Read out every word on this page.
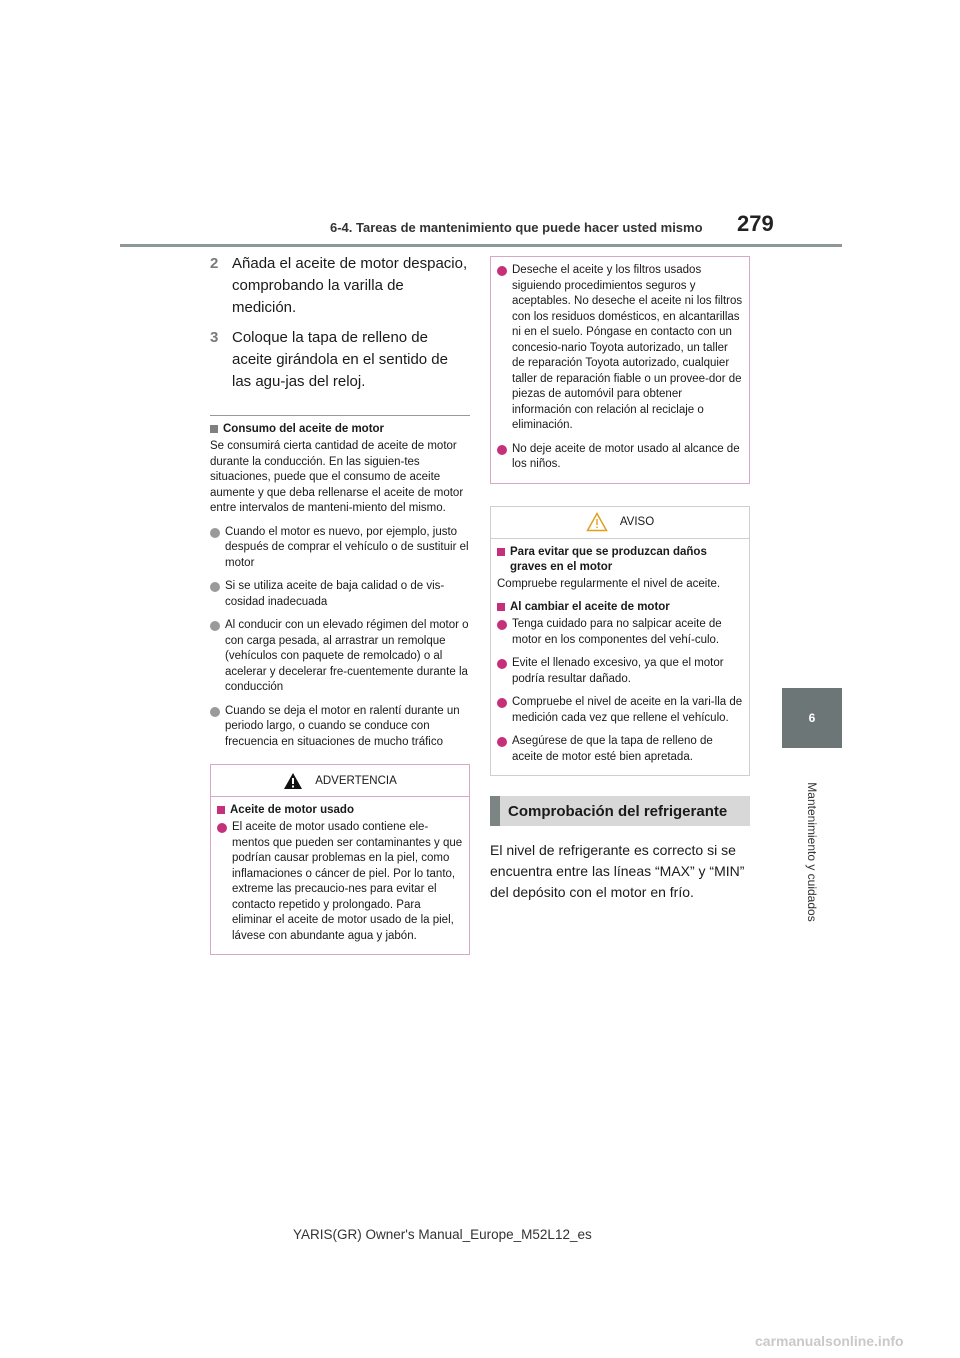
6-4. Tareas de mantenimiento que puede hacer usted mismo 279
6
Mantenimiento y cuidados
2 Añada el aceite de motor despacio, comprobando la varilla de medición.
3 Coloque la tapa de relleno de aceite girándola en el sentido de las agu-jas del reloj.
Consumo del aceite de motor

Se consumirá cierta cantidad de aceite de motor durante la conducción. En las siguien-tes situaciones, puede que el consumo de aceite aumente y que deba rellenarse el aceite de motor entre intervalos de manteni-miento del mismo.

Cuando el motor es nuevo, por ejemplo, justo después de comprar el vehículo o de sustituir el motor
Si se utiliza aceite de baja calidad o de vis-cosidad inadecuada
Al conducir con un elevado régimen del motor o con carga pesada, al arrastrar un remolque (vehículos con paquete de remolcado) o al acelerar y decelerar fre-cuentemente durante la conducción
Cuando se deja el motor en ralentí durante un periodo largo, o cuando se conduce con frecuencia en situaciones de mucho tráfico
ADVERTENCIA
Aceite de motor usado
El aceite de motor usado contiene ele-mentos que pueden ser contaminantes y que podrían causar problemas en la piel, como inflamaciones o cáncer de piel. Por lo tanto, extreme las precaucio-nes para evitar el contacto repetido y prolongado. Para eliminar el aceite de motor usado de la piel, lávese con abundante agua y jabón.
Deseche el aceite y los filtros usados siguiendo procedimientos seguros y aceptables. No deseche el aceite ni los filtros con los residuos domésticos, en alcantarillas ni en el suelo. Póngase en contacto con un concesio-nario Toyota autorizado, un taller de reparación Toyota autorizado, cualquier taller de reparación fiable o un provee-dor de piezas de automóvil para obtener información con relación al reciclaje o eliminación.
No deje aceite de motor usado al alcance de los niños.
AVISO
Para evitar que se produzcan daños graves en el motor

Compruebe regularmente el nivel de aceite.

Al cambiar el aceite de motor
Tenga cuidado para no salpicar aceite de motor en los componentes del vehí-culo.
Evite el llenado excesivo, ya que el motor podría resultar dañado.
Compruebe el nivel de aceite en la vari-lla de medición cada vez que rellene el vehículo.
Asegúrese de que la tapa de relleno de aceite de motor esté bien apretada.
Comprobación del refrigerante

El nivel de refrigerante es correcto si se encuentra entre las líneas “MAX” y “MIN” del depósito con el motor en frío.

YARIS(GR) Owner's Manual_Europe_M52L12_es
carmanualsonline.info
